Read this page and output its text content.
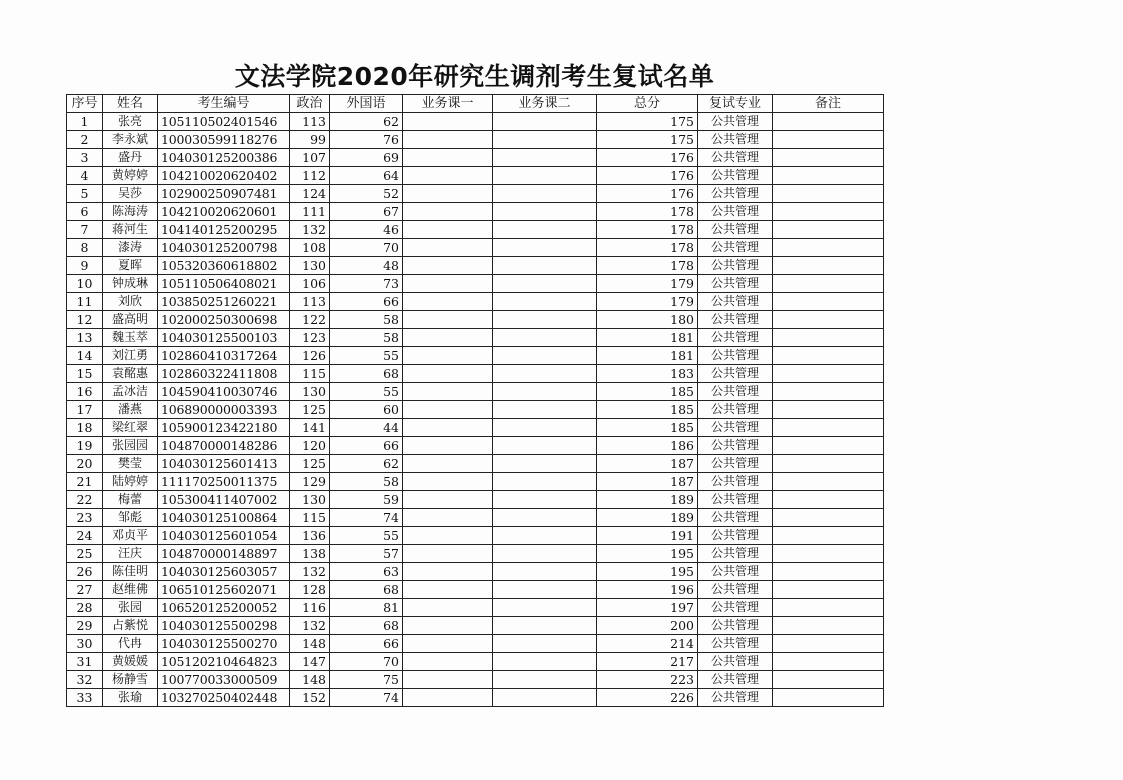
文法学院2020年研究生调剂考生复试名单
序号	姓名	考生编号	政治	外国语	业务课一	业务课二	总分	复试专业	备注
1	张亮	105110502401546	113	62			175	公共管理	
2	李永斌	100030599118276	99	76			175	公共管理	
3	盛丹	104030125200386	107	69			176	公共管理	
4	黄婷婷	104210020620402	112	64			176	公共管理	
5	吴莎	102900250907481	124	52			176	公共管理	
6	陈海涛	104210020620601	111	67			178	公共管理	
7	蒋河生	104140125200295	132	46			178	公共管理	
8	漆涛	104030125200798	108	70			178	公共管理	
9	夏晖	105320360618802	130	48			178	公共管理	
10	钟成琳	105110506408021	106	73			179	公共管理	
11	刘欣	103850251260221	113	66			179	公共管理	
12	盛高明	102000250300698	122	58			180	公共管理	
13	魏玉萃	104030125500103	123	58			181	公共管理	
14	刘江勇	102860410317264	126	55			181	公共管理	
15	袁酩惠	102860322411808	115	68			183	公共管理	
16	孟冰洁	104590410030746	130	55			185	公共管理	
17	潘燕	106890000003393	125	60			185	公共管理	
18	梁红翠	105900123422180	141	44			185	公共管理	
19	张园园	104870000148286	120	66			186	公共管理	
20	樊莹	104030125601413	125	62			187	公共管理	
21	陆婷婷	111170250011375	129	58			187	公共管理	
22	梅蕾	105300411407002	130	59			189	公共管理	
23	邹彪	104030125100864	115	74			189	公共管理	
24	邓贞平	104030125601054	136	55			191	公共管理	
25	汪庆	104870000148897	138	57			195	公共管理	
26	陈佳明	104030125603057	132	63			195	公共管理	
27	赵维佛	106510125602071	128	68			196	公共管理	
28	张园	106520125200052	116	81			197	公共管理	
29	占紫悦	104030125500298	132	68			200	公共管理	
30	代冉	104030125500270	148	66			214	公共管理	
31	黄媛媛	105120210464823	147	70			217	公共管理	
32	杨静雪	100770033000509	148	75			223	公共管理	
33	张瑜	103270250402448	152	74			226	公共管理	
